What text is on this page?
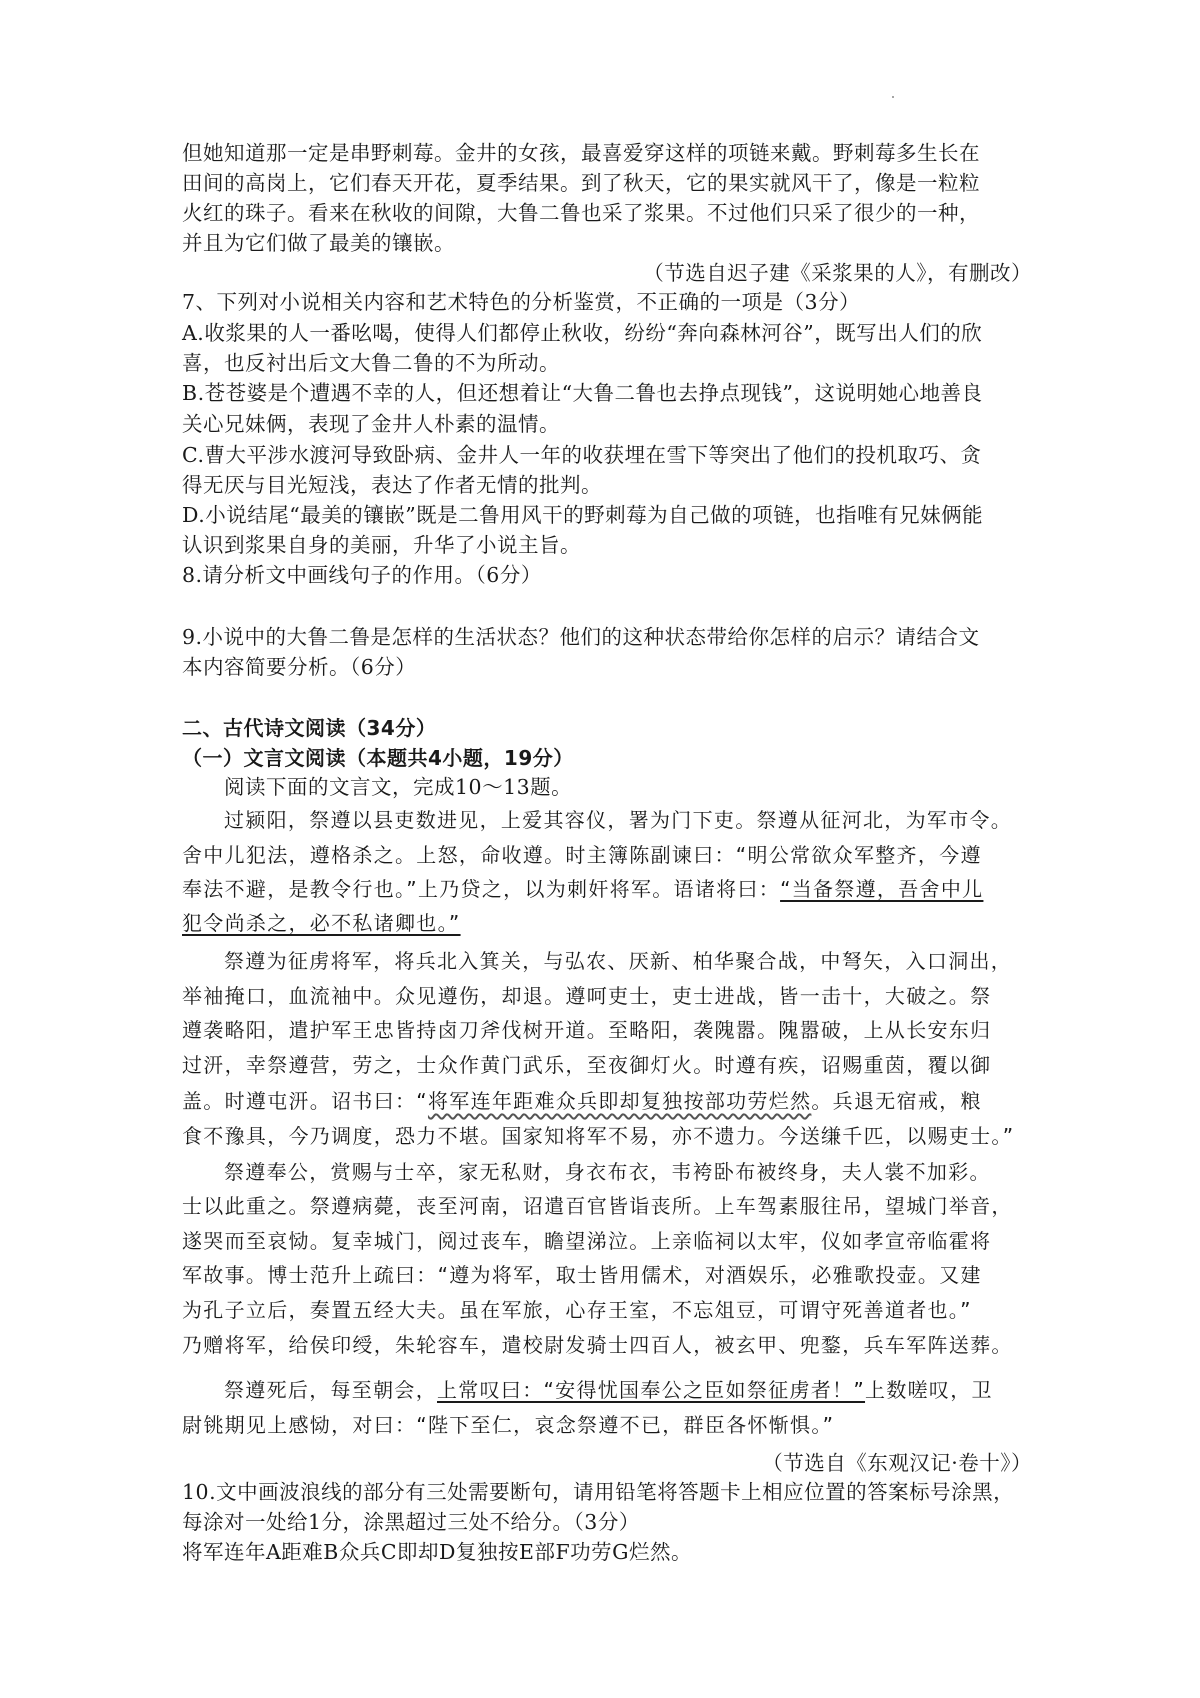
但她知道那一定是串野刺莓。金井的女孩，最喜爱穿这样的项链来戴。野刺莓多生长在
田间的高岗上，它们春天开花，夏季结果。到了秋天，它的果实就风干了，像是一粒粒
火红的珠子。看来在秋收的间隙，大鲁二鲁也采了浆果。不过他们只采了很少的一种，
并且为它们做了最美的镶嵌。
（节选自迟子建《采浆果的人》，有删改）
7、下列对小说相关内容和艺术特色的分析鉴赏，不正确的一项是（3分）
A.收浆果的人一番吆喝，使得人们都停止秋收，纷纷“奔向森林河谷”，既写出人们的欣
喜，也反衬出后文大鲁二鲁的不为所动。
B.苍苍婆是个遭遇不幸的人，但还想着让“大鲁二鲁也去挣点现钱”，这说明她心地善良
关心兄妹俩，表现了金井人朴素的温情。
C.曹大平涉水渡河导致卧病、金井人一年的收获埋在雪下等突出了他们的投机取巧、贪
得无厌与目光短浅，表达了作者无情的批判。
D.小说结尾“最美的镶嵌”既是二鲁用风干的野刺莓为自己做的项链，也指唯有兄妹俩能
认识到浆果自身的美丽，升华了小说主旨。
8.请分析文中画线句子的作用。（6分）
9.小说中的大鲁二鲁是怎样的生活状态？他们的这种状态带给你怎样的启示？请结合文
本内容简要分析。（6分）
二、古代诗文阅读（34分）
（一）文言文阅读（本题共4小题，19分）
阅读下面的文言文，完成10～13题。
过颍阳，祭遵以县吏数进见，上爱其容仪，署为门下吏。祭遵从征河北，为军市令。
舍中儿犯法，遵格杀之。上怒，命收遵。时主簿陈副谏曰：“明公常欲众军整齐，今遵
奉法不避，是教令行也。”上乃贷之，以为刺奸将军。语诸将曰：“当备祭遵，吾舍中儿
犯令尚杀之，必不私诸卿也。”
祭遵为征虏将军，将兵北入箕关，与弘农、厌新、柏华聚合战，中弩矢，入口洞出，
举袖掩口，血流袖中。众见遵伤，却退。遵呵吏士，吏士进战，皆一击十，大破之。祭
遵袭略阳，遣护军王忠皆持卤刀斧伐树开道。至略阳，袭隗嚣。隗嚣破，上从长安东归
过汧，幸祭遵营，劳之，士众作黄门武乐，至夜御灯火。时遵有疾，诏赐重茵，覆以御
盖。时遵屯汧。诏书曰：“将军连年距难众兵即却复独按部功劳烂然。兵退无宿戒，粮
食不豫具，今乃调度，恐力不堪。国家知将军不易，亦不遗力。今送缣千匹，以赐吏士。”
祭遵奉公，赏赐与士卒，家无私财，身衣布衣，韦袴卧布被终身，夫人裳不加彩。
士以此重之。祭遵病薨，丧至河南，诏遣百官皆诣丧所。上车驾素服往吊，望城门举音，
遂哭而至哀恸。复幸城门，阅过丧车，瞻望涕泣。上亲临祠以太牢，仪如孝宣帝临霍将
军故事。博士范升上疏曰：“遵为将军，取士皆用儒术，对酒娱乐，必雅歌投壶。又建
为孔子立后，奏置五经大夫。虽在军旅，心存王室，不忘俎豆，可谓守死善道者也。”
乃赠将军，给侯印绶，朱轮容车，遣校尉发骑士四百人，被玄甲、兜鍪，兵车军阵送葬。
祭遵死后，每至朝会，上常叹曰：“安得忧国奉公之臣如祭征虏者！”上数嗟叹，卫
尉铫期见上感恸，对曰：“陛下至仁，哀念祭遵不已，群臣各怀惭惧。”
（节选自《东观汉记·卷十》）
10.文中画波浪线的部分有三处需要断句，请用铅笔将答题卡上相应位置的答案标号涂黑，
每涂对一处给1分，涂黑超过三处不给分。（3分）
将军连年A距难B众兵C即却D复独按E部F功劳G烂然。
